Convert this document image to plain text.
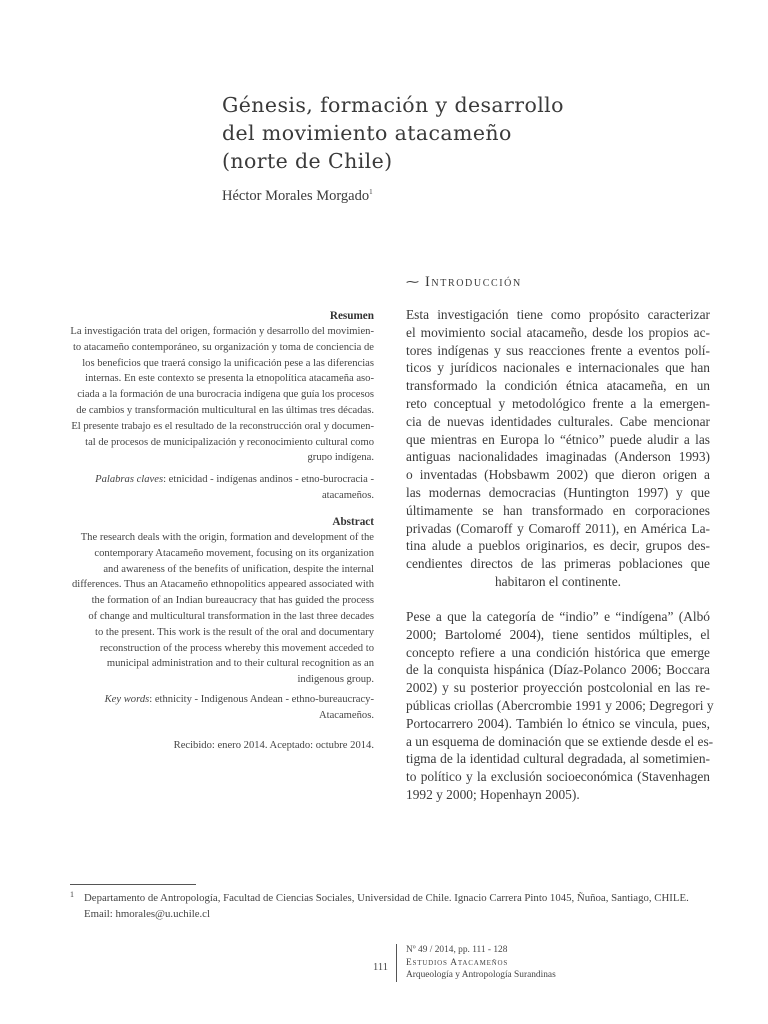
Génesis, formación y desarrollo
del movimiento atacameño
(norte de Chile)
Héctor Morales Morgado$^1$
⁓ Introducción
Resumen
La investigación trata del origen, formación y desarrollo del movimien-
to atacameño contemporáneo, su organización y toma de conciencia de
los beneficios que traerá consigo la unificación pese a las diferencias
internas. En este contexto se presenta la etnopolítica atacameña aso-
ciada a la formación de una burocracia indígena que guía los procesos
de cambios y transformación multicultural en las últimas tres décadas.
El presente trabajo es el resultado de la reconstrucción oral y documen-
tal de procesos de municipalización y reconocimiento cultural como
grupo indígena.
Palabras claves: etnicidad - indígenas andinos - etno-burocracia -
atacameños.
Abstract
The research deals with the origin, formation and development of the
contemporary Atacameño movement, focusing on its organization
and awareness of the benefits of unification, despite the internal
differences. Thus an Atacameño ethnopolitics appeared associated with
the formation of an Indian bureaucracy that has guided the process
of change and multicultural transformation in the last three decades
to the present. This work is the result of the oral and documentary
reconstruction of the process whereby this movement acceded to
municipal administration and to their cultural recognition as an
indigenous group.
Key words: ethnicity - Indigenous Andean - ethno-bureaucracy-
Atacameños.
Recibido: enero 2014. Aceptado: octubre 2014.
Esta investigación tiene como propósito caracterizar
el movimiento social atacameño, desde los propios ac-
tores indígenas y sus reacciones frente a eventos polí-
ticos y jurídicos nacionales e internacionales que han
transformado la condición étnica atacameña, en un
reto conceptual y metodológico frente a la emergen-
cia de nuevas identidades culturales. Cabe mencionar
que mientras en Europa lo “étnico” puede aludir a las
antiguas nacionalidades imaginadas (Anderson 1993)
o inventadas (Hobsbawm 2002) que dieron origen a
las modernas democracias (Huntington 1997) y que
últimamente se han transformado en corporaciones
privadas (Comaroff y Comaroff 2011), en América La-
tina alude a pueblos originarios, es decir, grupos des-
cendientes directos de las primeras poblaciones que
habitaron el continente.
Pese a que la categoría de “indio” e “indígena” (Albó
2000; Bartolomé 2004), tiene sentidos múltiples, el
concepto refiere a una condición histórica que emerge
de la conquista hispánica (Díaz-Polanco 2006; Boccara
2002) y su posterior proyección postcolonial en las re-
públicas criollas (Abercrombie 1991 y 2006; Degregori y
Portocarrero 2004). También lo étnico se vincula, pues,
a un esquema de dominación que se extiende desde el es-
tigma de la identidad cultural degradada, al sometimien-
to político y la exclusión socioeconómica (Stavenhagen
1992 y 2000; Hopenhayn 2005).
1 Departamento de Antropología, Facultad de Ciencias Sociales, Universidad de Chile. Ignacio Carrera Pinto 1045, Ñuñoa, Santiago, CHILE.
Email: hmorales@u.uchile.cl
111
Nº 49 / 2014, pp. 111 - 128
Estudios Atacameños
Arqueología y Antropología Surandinas
